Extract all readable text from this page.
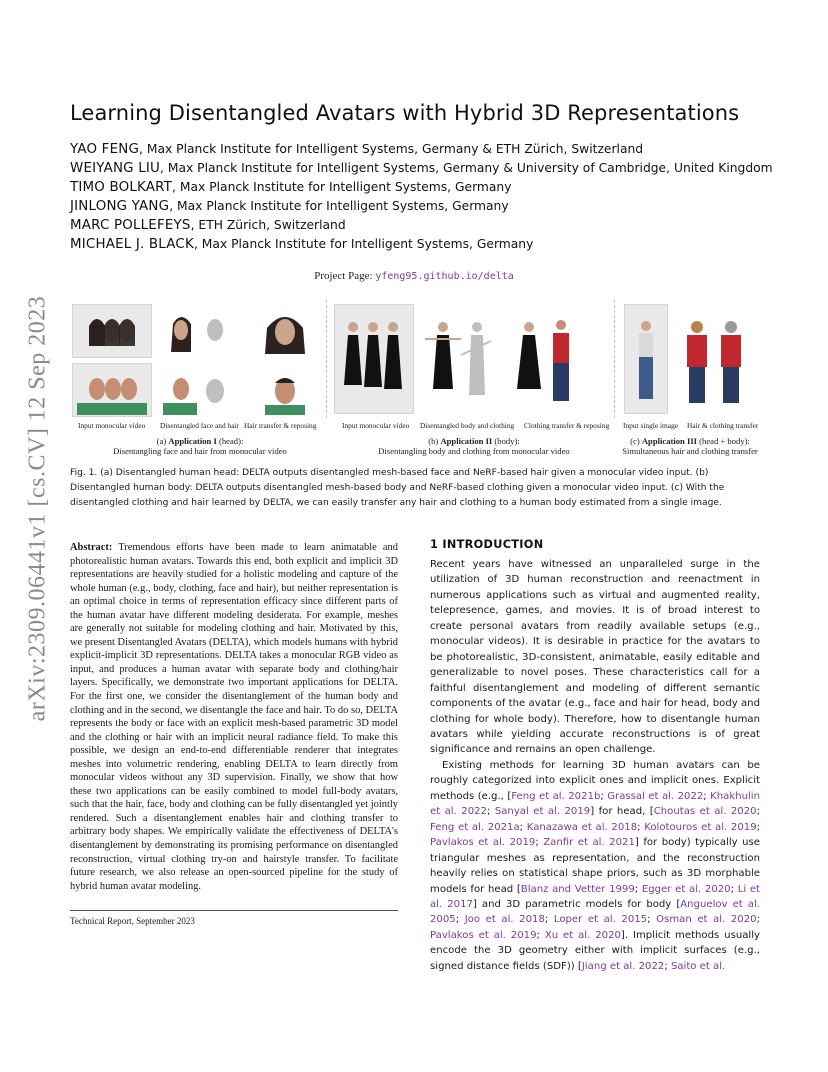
arXiv:2309.06441v1 [cs.CV] 12 Sep 2023
Learning Disentangled Avatars with Hybrid 3D Representations
YAO FENG, Max Planck Institute for Intelligent Systems, Germany & ETH Zürich, Switzerland
WEIYANG LIU, Max Planck Institute for Intelligent Systems, Germany & University of Cambridge, United Kingdom
TIMO BOLKART, Max Planck Institute for Intelligent Systems, Germany
JINLONG YANG, Max Planck Institute for Intelligent Systems, Germany
MARC POLLEFEYS, ETH Zürich, Switzerland
MICHAEL J. BLACK, Max Planck Institute for Intelligent Systems, Germany
Project Page: yfeng95.github.io/delta
Input monocular video Disentangled face and hair Hair transfer & reposing	Input monocular video Disentangled body and clothing Clothing transfer & reposing Input single image Hair & clothing transfer
(a) Application I (head):
Disentangling face and hair from monocular video
(b) Application II (body):
Disentangling body and clothing from monocular video
(c) Application III (head + body):
Simultaneous hair and clothing transfer

Fig. 1. (a) Disentangled human head: DELTA outputs disentangled mesh-based face and NeRF-based hair given a monocular video input. (b) Disentangled human body: DELTA outputs disentangled mesh-based body and NeRF-based clothing given a monocular video input. (c) With the disentangled clothing and hair learned by DELTA, we can easily transfer any hair and clothing to a human body estimated from a single image.

Abstract: Tremendous efforts have been made to learn animatable and photorealistic human avatars. Towards this end, both explicit and implicit 3D representations are heavily studied for a holistic modeling and capture of the whole human (e.g., body, clothing, face and hair), but neither representation is an optimal choice in terms of representation efficacy since different parts of the human avatar have different modeling desiderata. For example, meshes are generally not suitable for modeling clothing and hair. Motivated by this, we present Disentangled Avatars (DELTA), which models humans with hybrid explicit-implicit 3D representations. DELTA takes a monocular RGB video as input, and produces a human avatar with separate body and clothing/hair layers. Specifically, we demonstrate two important applications for DELTA. For the first one, we consider the disentanglement of the human body and clothing and in the second, we disentangle the face and hair. To do so, DELTA represents the body or face with an explicit mesh-based parametric 3D model and the clothing or hair with an implicit neural radiance field. To make this possible, we design an end-to-end differentiable renderer that integrates meshes into volumetric rendering, enabling DELTA to learn directly from monocular videos without any 3D supervision. Finally, we show that how these two applications can be easily combined to model full-body avatars, such that the hair, face, body and clothing can be fully disentangled yet jointly rendered. Such a disentanglement enables hair and clothing transfer to arbitrary body shapes. We empirically validate the effectiveness of DELTA's disentanglement by demonstrating its promising performance on disentangled reconstruction, virtual clothing try-on and hairstyle transfer. To facilitate future research, we also release an open-sourced pipeline for the study of hybrid human avatar modeling.

Technical Report, September 2023
1 INTRODUCTION

Recent years have witnessed an unparalleled surge in the utilization of 3D human reconstruction and reenactment in numerous applications such as virtual and augmented reality, telepresence, games, and movies. It is of broad interest to create personal avatars from readily available setups (e.g., monocular videos). It is desirable in practice for the avatars to be photorealistic, 3D-consistent, animatable, easily editable and generalizable to novel poses. These characteristics call for a faithful disentanglement and modeling of different semantic components of the avatar (e.g., face and hair for head, body and clothing for whole body). Therefore, how to disentangle human avatars while yielding accurate reconstructions is of great significance and remains an open challenge.

Existing methods for learning 3D human avatars can be roughly categorized into explicit ones and implicit ones. Explicit methods (e.g., [Feng et al. 2021b; Grassal et al. 2022; Khakhulin et al. 2022; Sanyal et al. 2019] for head, [Choutas et al. 2020; Feng et al. 2021a; Kanazawa et al. 2018; Kolotouros et al. 2019; Pavlakos et al. 2019; Zanfir et al. 2021] for body) typically use triangular meshes as representation, and the reconstruction heavily relies on statistical shape priors, such as 3D morphable models for head [Blanz and Vetter 1999; Egger et al. 2020; Li et al. 2017] and 3D parametric models for body [Anguelov et al. 2005; Joo et al. 2018; Loper et al. 2015; Osman et al. 2020; Pavlakos et al. 2019; Xu et al. 2020]. Implicit methods usually encode the 3D geometry either with implicit surfaces (e.g., signed distance fields (SDF)) [Jiang et al. 2022; Saito et al.
